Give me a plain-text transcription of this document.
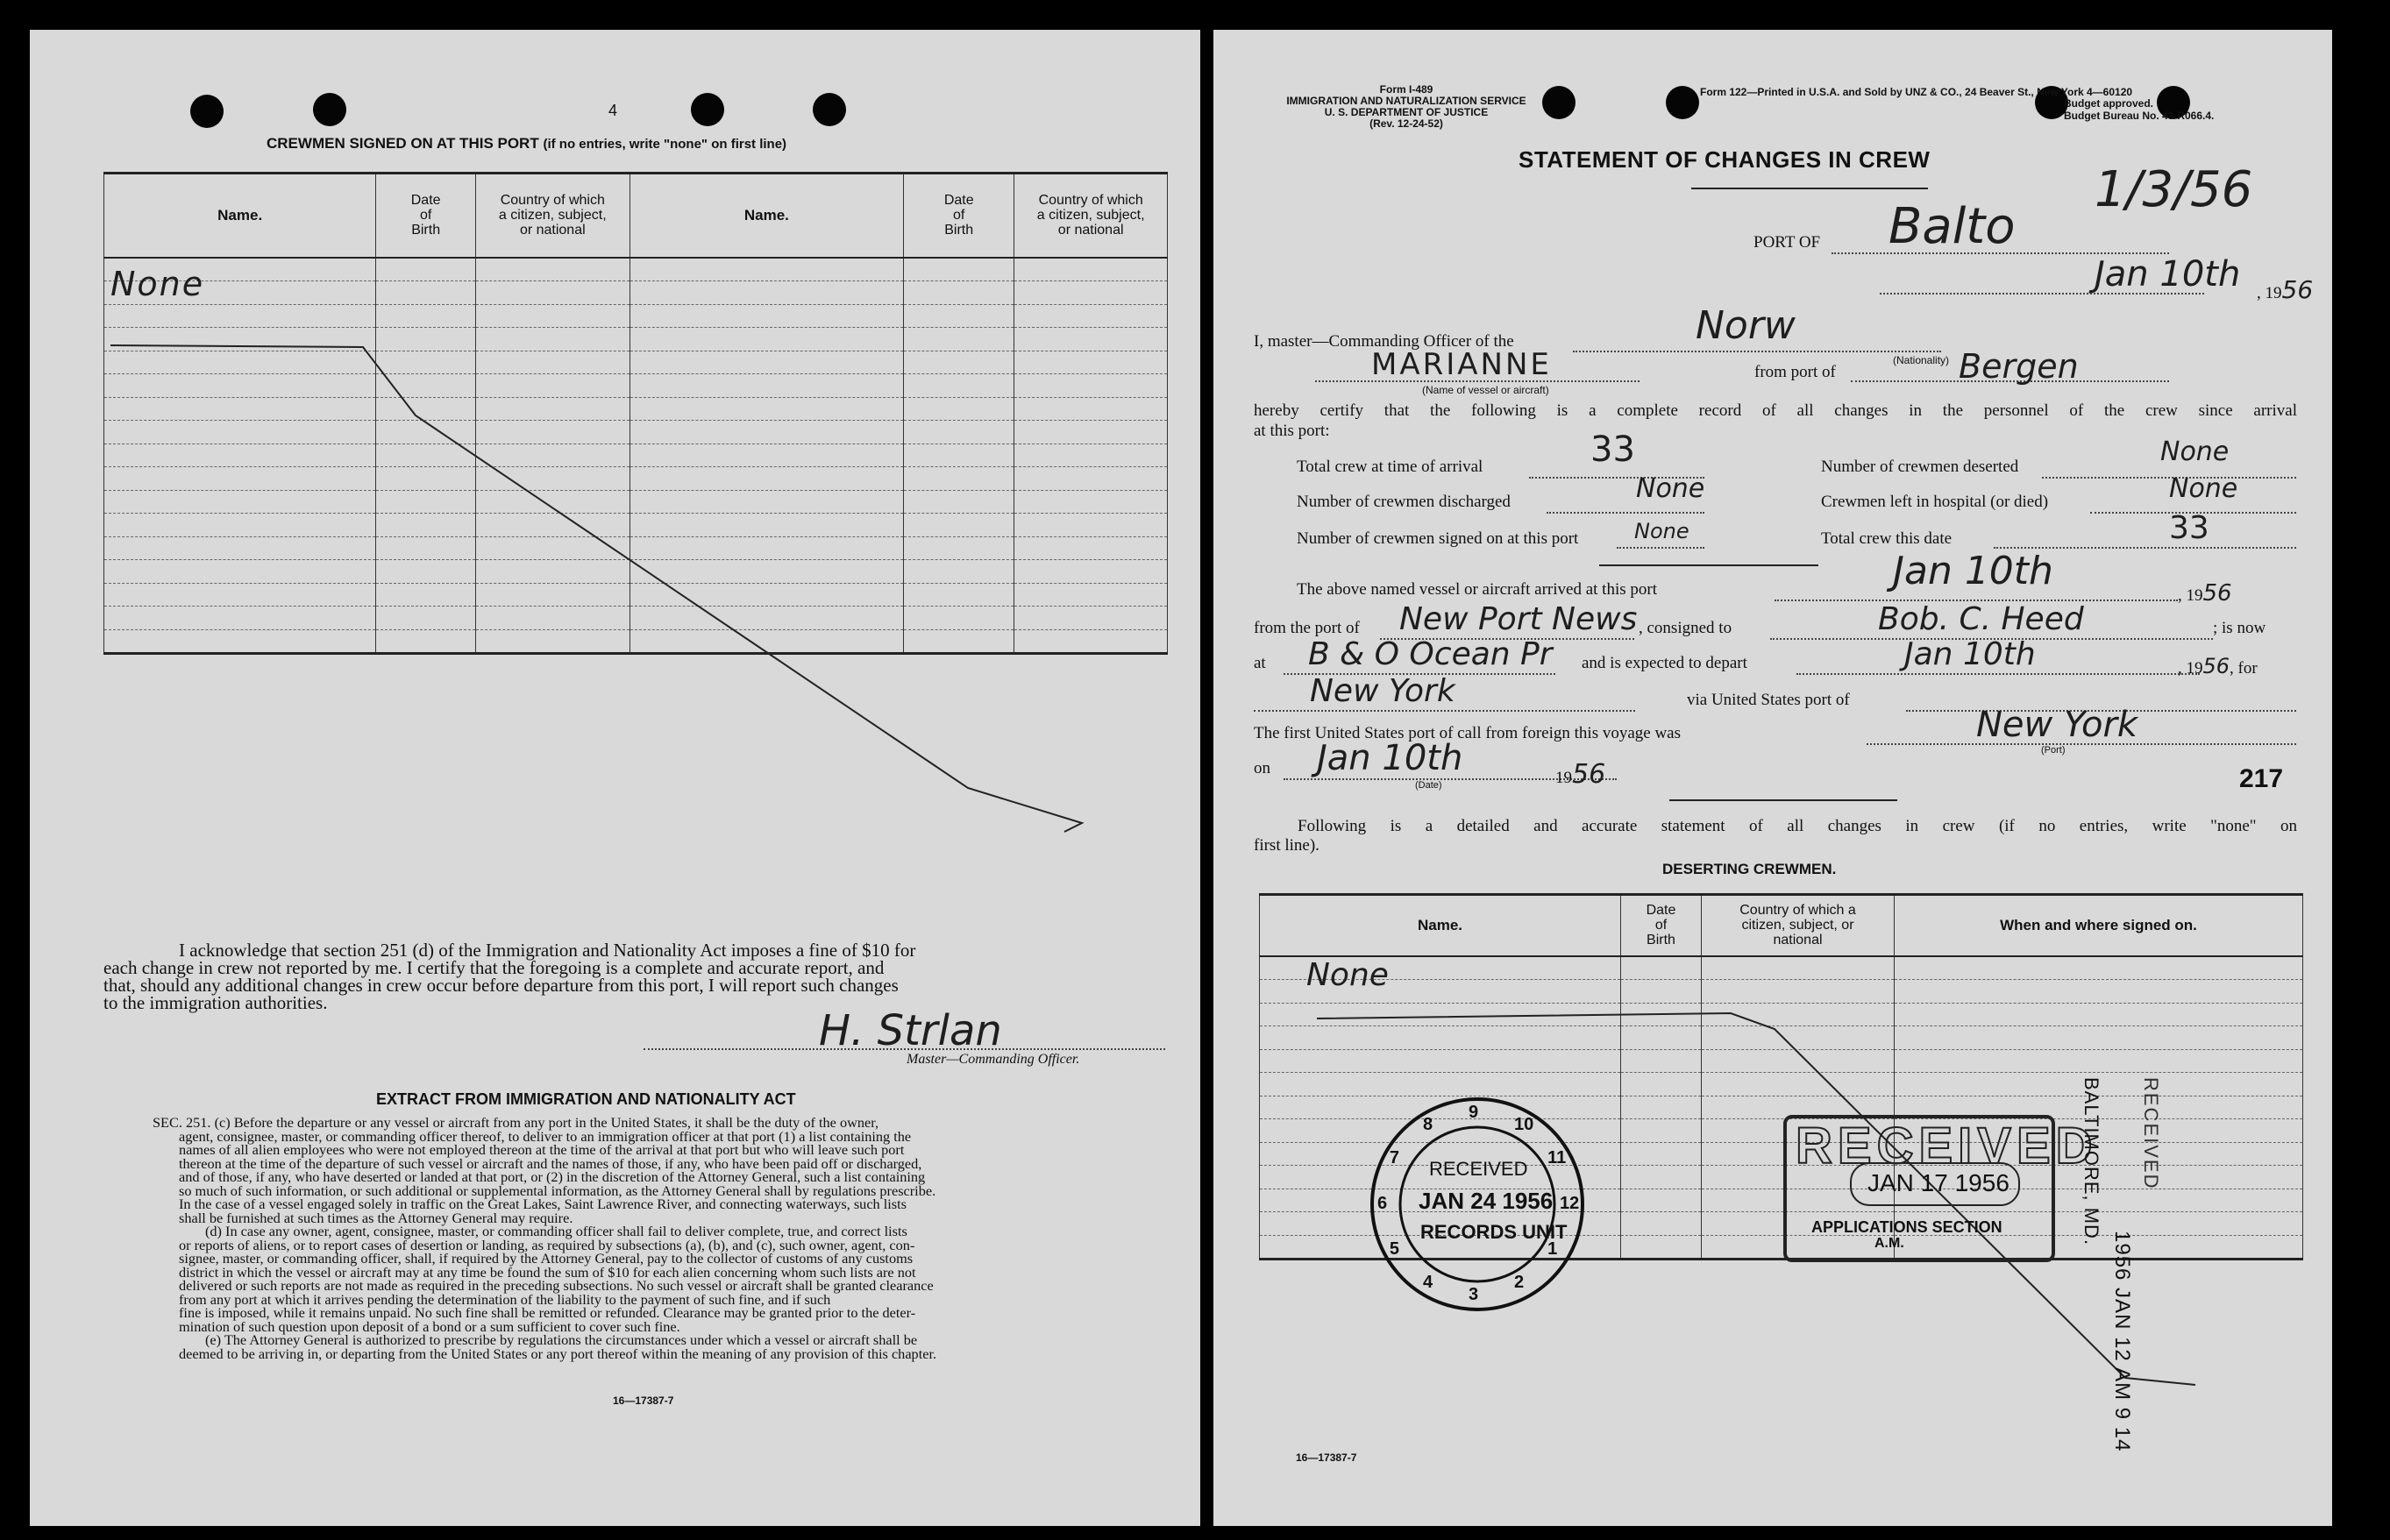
4
CREWMEN SIGNED ON AT THIS PORT (if no entries, write "none" on first line)
Name.	Date
of
Birth	Country of which
a citizen, subject,
or national	Name.	Date
of
Birth	Country of which
a citizen, subject,
or national

None
I acknowledge that section 251 (d) of the Immigration and Nationality Act imposes a fine of $10 for
each change in crew not reported by me. I certify that the foregoing is a complete and accurate report, and
that, should any additional changes in crew occur before departure from this port, I will report such changes
to the immigration authorities.
H. Strlan
Master—Commanding Officer.
EXTRACT FROM IMMIGRATION AND NATIONALITY ACT
SEC. 251. (c) Before the departure or any vessel or aircraft from any port in the United States, it shall be the duty of the owner,
agent, consignee, master, or commanding officer thereof, to deliver to an immigration officer at that port (1) a list containing the
names of all alien employees who were not employed thereon at the time of the arrival at that port but who will leave such port
thereon at the time of the departure of such vessel or aircraft and the names of those, if any, who have been paid off or discharged,
and of those, if any, who have deserted or landed at that port, or (2) in the discretion of the Attorney General, such a list containing
so much of such information, or such additional or supplemental information, as the Attorney General shall by regulations prescribe.
In the case of a vessel engaged solely in traffic on the Great Lakes, Saint Lawrence River, and connecting waterways, such lists
shall be furnished at such times as the Attorney General may require.
(d) In case any owner, agent, consignee, master, or commanding officer shall fail to deliver complete, true, and correct lists
or reports of aliens, or to report cases of desertion or landing, as required by subsections (a), (b), and (c), such owner, agent, con-
signee, master, or commanding officer, shall, if required by the Attorney General, pay to the collector of customs of any customs
district in which the vessel or aircraft may at any time be found the sum of $10 for each alien concerning whom such lists are not
delivered or such reports are not made as required in the preceding subsections. No such vessel or aircraft shall be granted clearance
from any port at which it arrives pending the determination of the liability to the payment of such fine, and if such
fine is imposed, while it remains unpaid. No such fine shall be remitted or refunded. Clearance may be granted prior to the deter-
mination of such question upon deposit of a bond or a sum sufficient to cover such fine.
(e) The Attorney General is authorized to prescribe by regulations the circumstances under which a vessel or aircraft shall be
deemed to be arriving in, or departing from the United States or any port thereof within the meaning of any provision of this chapter.
16—17387-7
Form I-489
IMMIGRATION AND NATURALIZATION SERVICE
U. S. DEPARTMENT OF JUSTICE
(Rev. 12-24-52)
Form 122—Printed in U.S.A. and Sold by UNZ & CO., 24 Beaver St., New York 4—60120
Budget approved.
Budget Bureau No. 43-R066.4.
STATEMENT OF CHANGES IN CREW
1/3/56
PORT OF Balto
Jan 10th , 1956
I, master—Commanding Officer of the	Norw
(Nationality)
MARIANNE
(Name of vessel or aircraft)
from port of	Bergen
hereby certify that the following is a complete record of all changes in the personnel of the crew since arrival
at this port:
Total crew at time of arrival	33	Number of crewmen deserted	None
Number of crewmen discharged	None	Crewmen left in hospital (or died)	None
Number of crewmen signed on at this port	None	Total crew this date	33
The above named vessel or aircraft arrived at this port	Jan 10th
, 1956
from the port of New Port News , consigned to	Bob. C. Heed	; is now
at B & O Ocean Pr and is expected to depart	Jan 10th	, 1956, for
New York	via United States port of
The first United States port of call from foreign this voyage was	New York
(Port)
on Jan 10th
(Date)	1956	217
Following is a detailed and accurate statement of all changes in crew (if no entries, write "none" on
first line).
DESERTING CREWMEN.
Name.	Date
of
Birth	Country of which a
citizen, subject, or
national	When and where signed on.

None
8
9
10
11
12
1
2
3
4
5
6
7 RECEIVED
JAN 24 1956
RECORDS UNIT
RECEIVED
JAN 17 1956
APPLICATIONS SECTION
A.M.	1956 JAN 12 AM 9 14
BALTIMORE, MD. RECEIVED
16—17387-7
